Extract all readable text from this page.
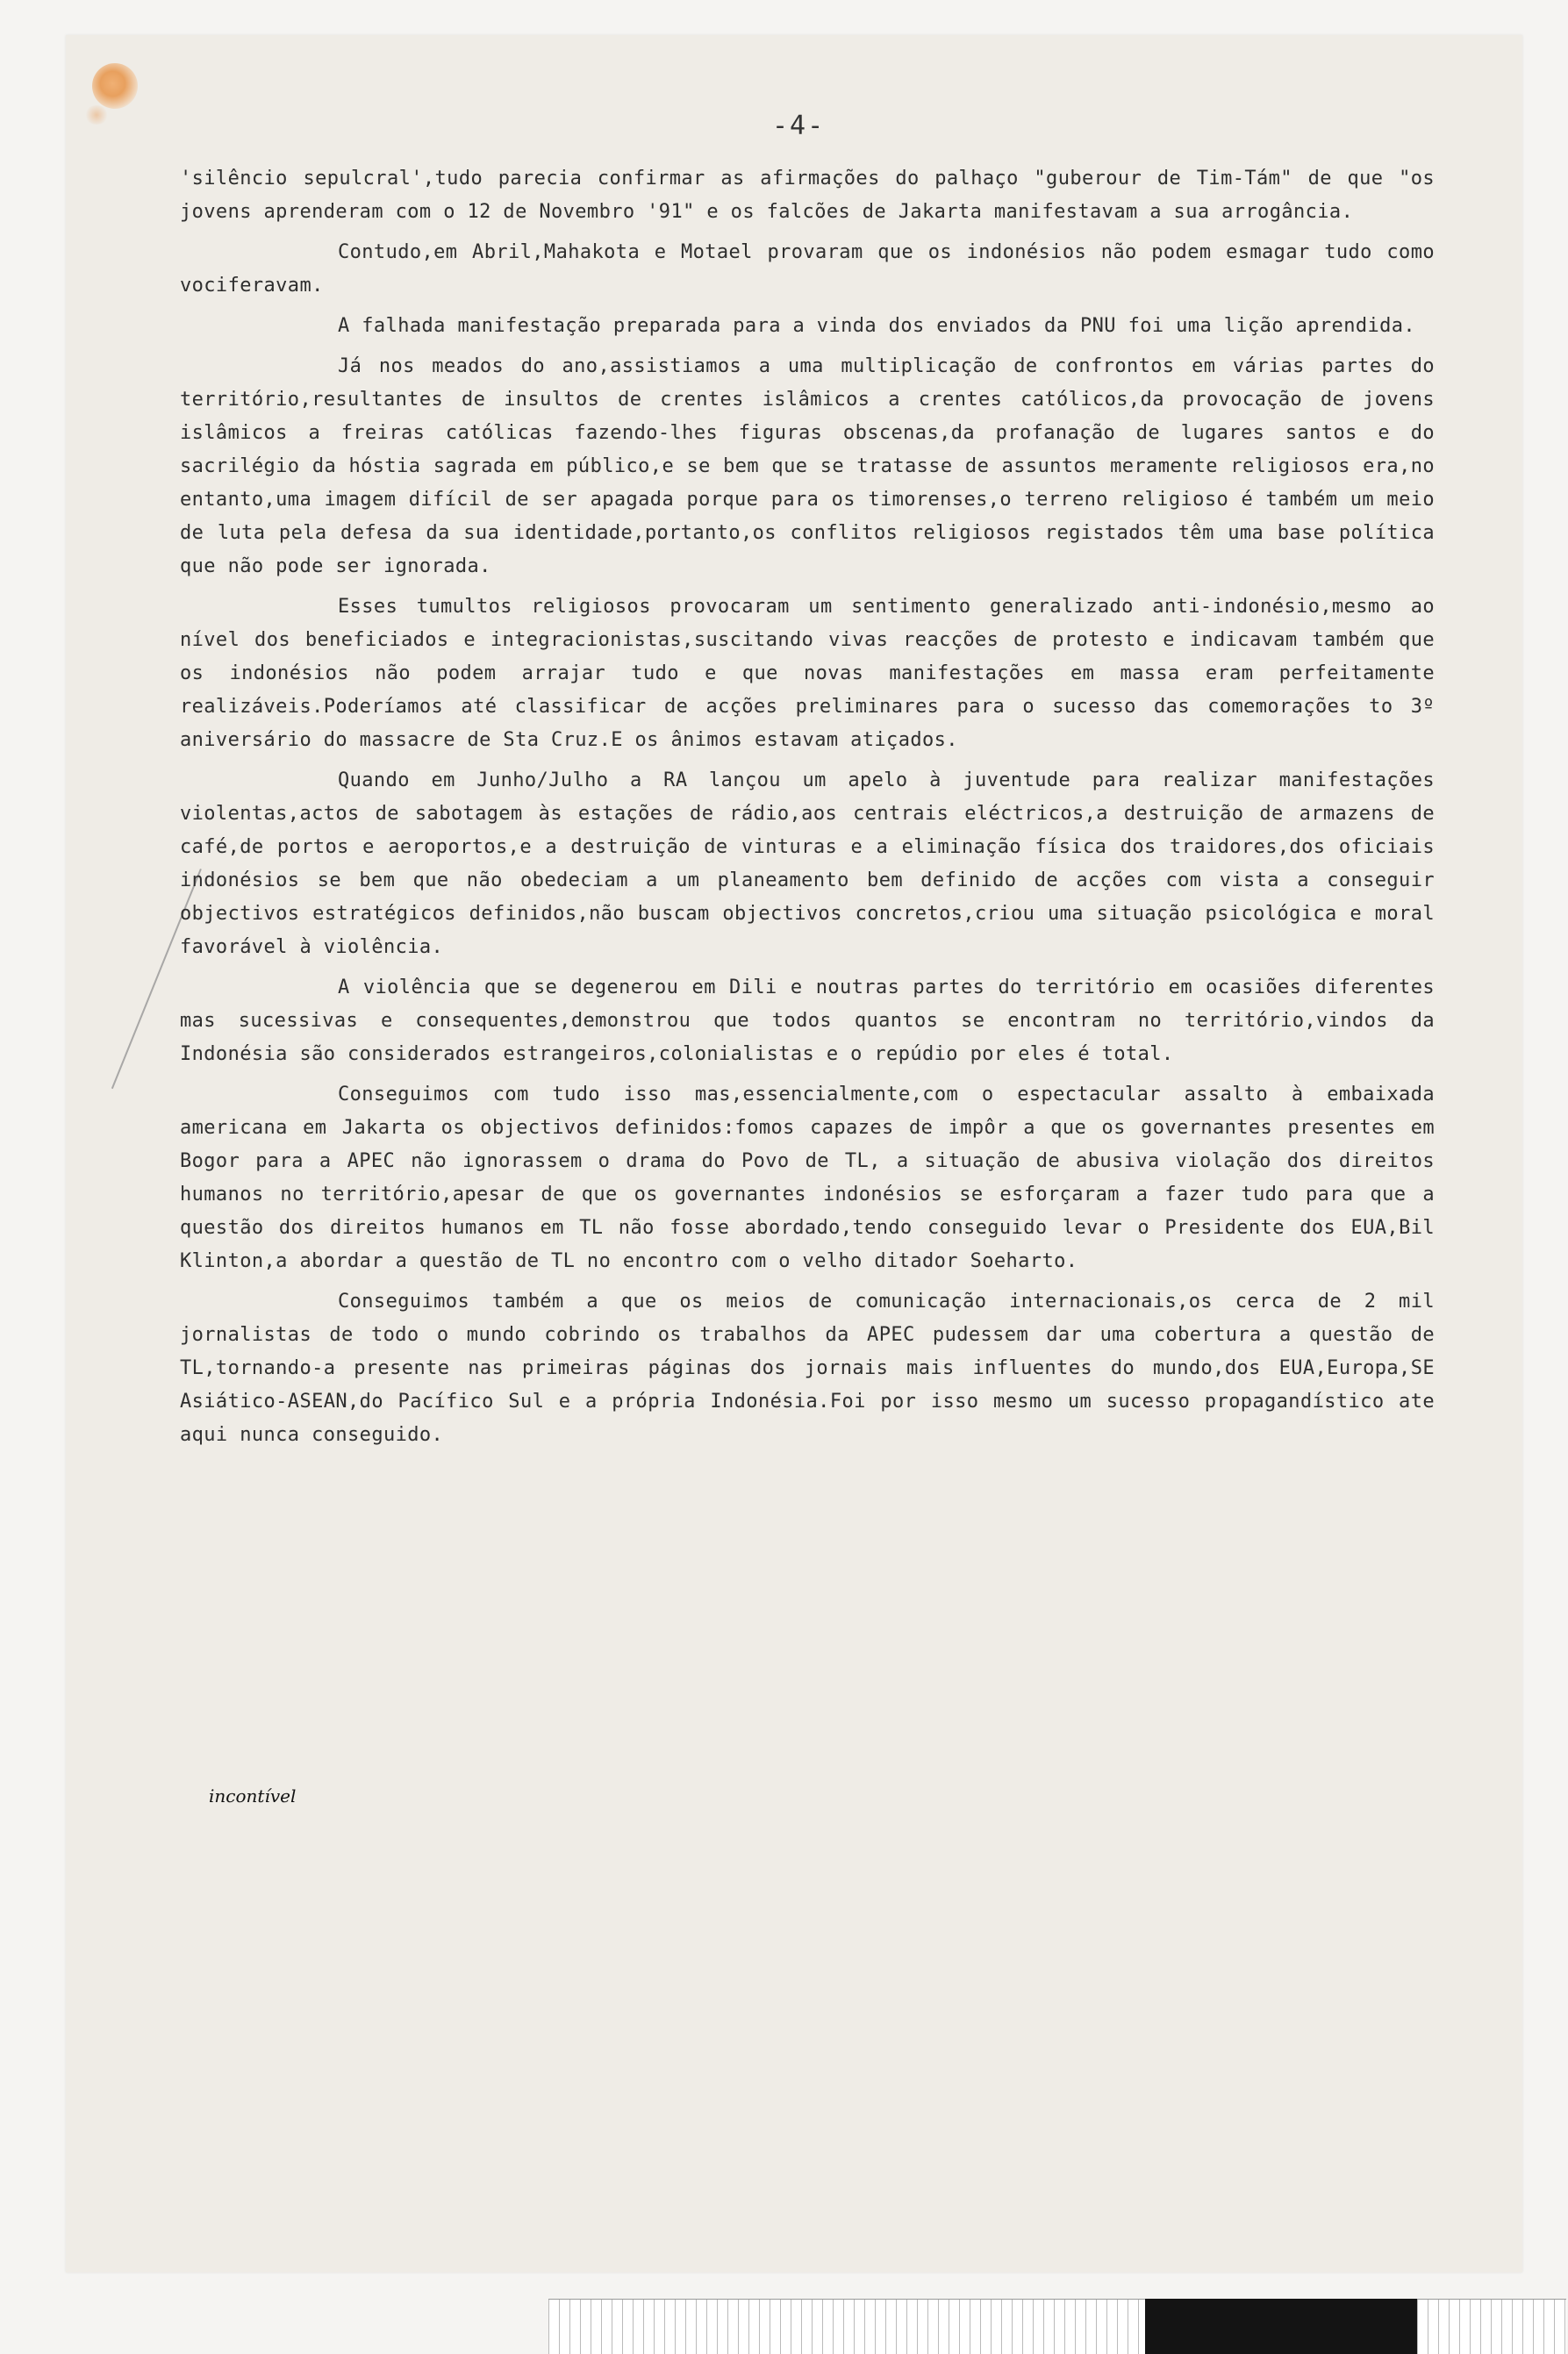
-4-

'silêncio sepulcral',tudo parecia confirmar as afirmações do palhaço "guberour de Tim-Tám" de que "os jovens aprenderam com o 12 de Novembro '91" e os falcões de Jakarta manifestavam a sua arrogância.

Contudo,em Abril,Mahakota e Motael provaram que os indonésios não podem esmagar tudo como vociferavam.

A falhada manifestação preparada para a vinda dos enviados da PNU foi uma lição aprendida.

Já nos meados do ano,assistiamos a uma multiplicação de confrontos em várias partes do território,resultantes de insultos de crentes islâmicos a crentes católicos,da provocação de jovens islâmicos a freiras católicas fazendo-lhes figuras obscenas,da profanação de lugares santos e do sacrilégio da hóstia sagrada em público,e se bem que se tratasse de assuntos meramente religiosos era,no entanto,uma imagem difícil de ser apagada porque para os timorenses,o terreno religioso é também um meio de luta pela defesa da sua identidade,portanto,os conflitos religiosos registados têm uma base política que não pode ser ignorada.

Esses tumultos religiosos provocaram um sentimento generalizado anti-indonésio,mesmo ao nível dos beneficiados e integracionistas,suscitando vivas reacções de protesto e indicavam também que os indonésios não podem arrajar tudo e que novas manifestações em massa eram perfeitamente realizáveis.Poderíamos até classificar de acções preliminares para o sucesso das comemorações to 3º aniversário do massacre de Sta Cruz.E os ânimos estavam atiçados.

Quando em Junho/Julho a RA lançou um apelo à juventude para realizar manifestações violentas,actos de sabotagem às estações de rádio,aos centrais eléctricos,a destruição de armazens de café,de portos e aeroportos,e a destruição de vinturas e a eliminação física dos traidores,dos oficiais indonésios se bem que não obedeciam a um planeamento bem definido de acções com vista a conseguir objectivos estratégicos definidos,não buscam objectivos concretos,criou uma situação psicológica e moral favorável à violência.

A violência que se degenerou em Dili e noutras partes do território em ocasiões diferentes mas sucessivas e consequentes,demonstrou que todos quantos se encontram no território,vindos da Indonésia são considerados estrangeiros,colonialistas e o repúdio por eles é total.

Conseguimos com tudo isso mas,essencialmente,com o espectacular assalto à embaixada americana em Jakarta os objectivos definidos:fomos capazes de impôr a que os governantes presentes em Bogor para a APEC não ignorassem o drama do Povo de TL, a situação de abusiva violação dos direitos humanos no território,apesar de que os governantes indonésios se esforçaram a fazer tudo para que a questão dos direitos humanos em TL não fosse abordado,tendo conseguido levar o Presidente dos EUA,Bil Klinton,a abordar a questão de TL no encontro com o velho ditador Soeharto.

Conseguimos também a que os meios de comunicação internacionais,os cerca de 2 mil jornalistas de todo o mundo cobrindo os trabalhos da APEC pudessem dar uma cobertura a questão de TL,tornando-a presente nas primeiras páginas dos jornais mais influentes do mundo,dos EUA,Europa,SE Asiático-ASEAN,do Pacífico Sul e a própria Indonésia.Foi por isso mesmo um sucesso propagandístico ate aqui nunca conseguido.

incontível
